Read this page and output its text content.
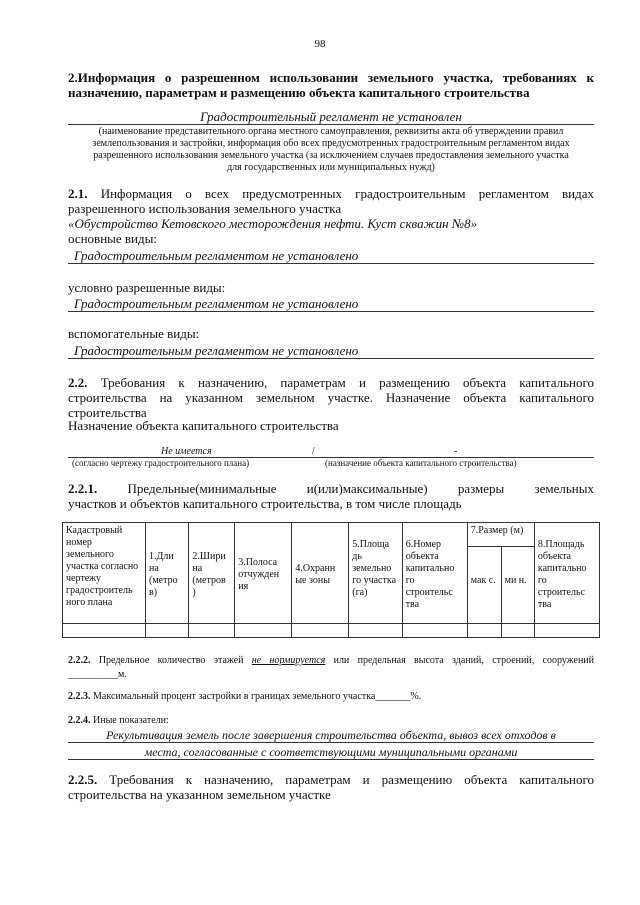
98
2.Информация о разрешенном использовании земельного участка, требованиях к
назначению, параметрам и размещению объекта капитального строительства
Градостроительный регламент не установлен
(наименование представительного органа местного самоуправления, реквизиты акта об утверждении правил
землепользования и застройки, информация обо всех предусмотренных градостроительным регламентом видах
разрешенного использования земельного участка (за исключением случаев предоставления земельного участка
для государственных или муниципальных нужд)
2.1. Информация о всех предусмотренных градостроительным регламентом видах
разрешенного использования земельного участка
«Обустройство Кетовского месторождения нефти. Куст скважин №8»
основные виды:
Градостроительным регламентом не установлено
условно разрешенные виды:
Градостроительным регламентом не установлено
вспомогательные виды:
Градостроительным регламентом не установлено
2.2. Требования к назначению, параметрам и размещению объекта капитального
строительства на указанном земельном участке. Назначение объекта капитального
строительства
Назначение объекта капитального строительства
Не имеется	/	-
(согласно чертежу градостроительного плана)	(назначение объекта капитального строительства)
2.2.1. Предельные(минимальные и(или)максимальные) размеры земельных
участков и объектов капитального строительства, в том числе площадь
Кадастровый номер земельного участка согласно чертежу градостроитель ного плана	1.Дли на (метро в)	2.Шири на (метров )	3.Полоса отчужден ия	4.Охранн ые зоны	5.Площа дь земельно го участка (га)	6.Номер объекта капитально го строительс тва	7.Размер (м)		8.Площадь объекта капитально го строительс тва
							мак с.	ми н.	

2.2.2. Предельное количество этажей не нормируется или предельная высота зданий, строений, сооружений
__________м.
2.2.3. Максимальный процент застройки в границах земельного участка_______%.
2.2.4. Иные показатели:
Рекультивация земель после завершения строительства объекта, вывоз всех отходов в
места, согласованные с соответствующими муниципальными органами
2.2.5. Требования к назначению, параметрам и размещению объекта капитального
строительства на указанном земельном участке
